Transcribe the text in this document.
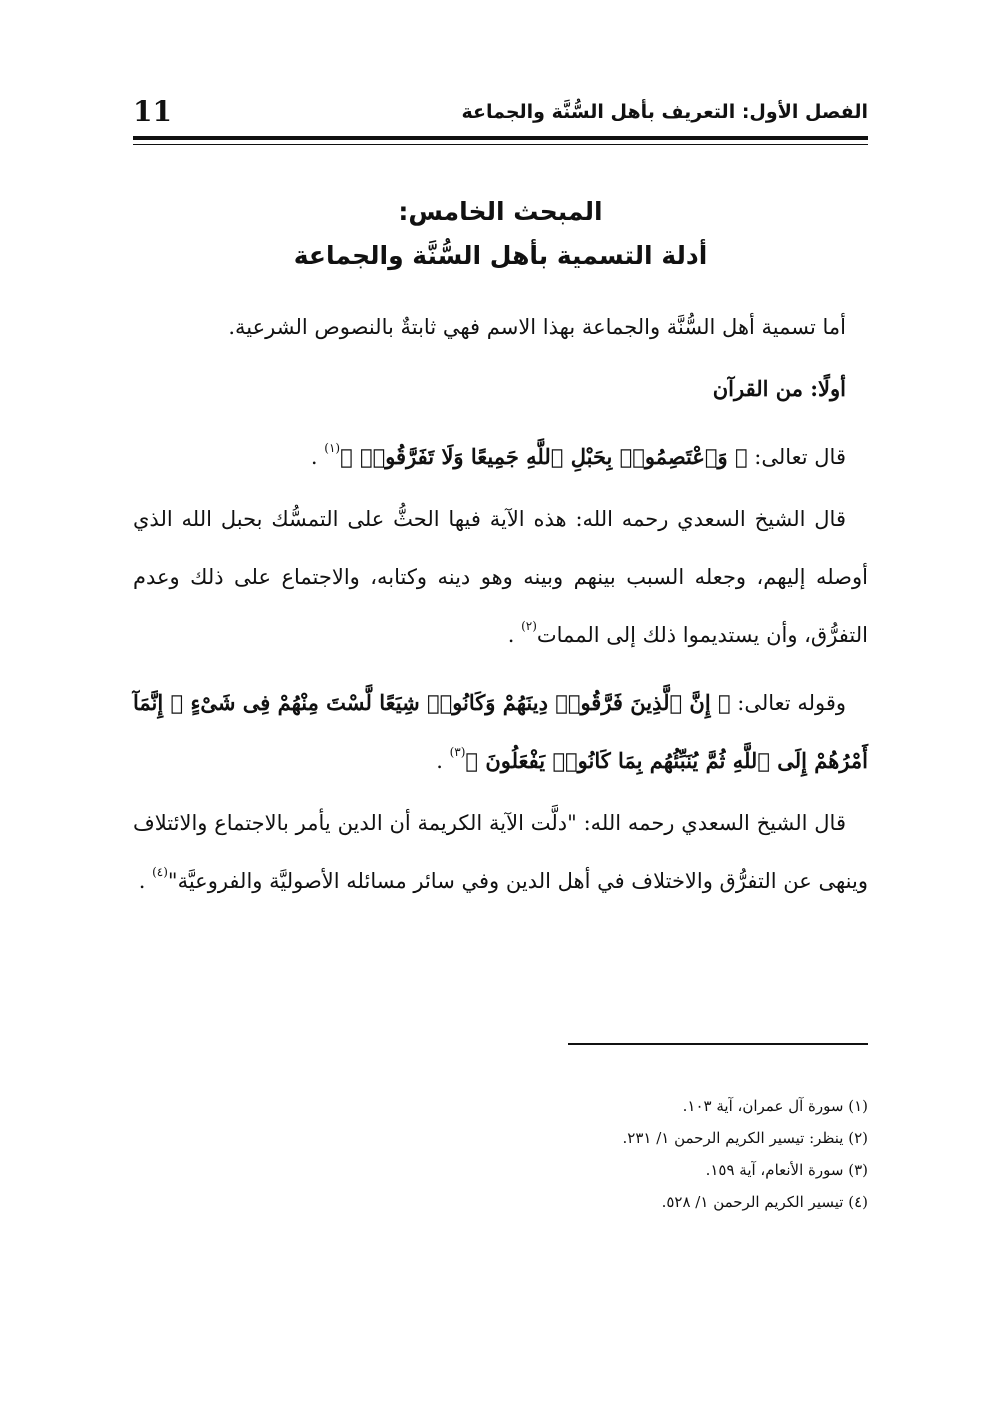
11	الفصل الأول: التعريف بأهل السُّنَّة والجماعة
المبحث الخامس:
أدلة التسمية بأهل السُّنَّة والجماعة

أما تسمية أهل السُّنَّة والجماعة بهذا الاسم فهي ثابتةٌ بالنصوص الشرعية.

أولًا: من القرآن

قال تعالى: ﴿ وَٱعْتَصِمُوا۟ بِحَبْلِ ٱللَّهِ جَمِيعًا وَلَا تَفَرَّقُوا۟ ﴾$^{(١)}$ .

قال الشيخ السعدي رحمه الله: هذه الآية فيها الحثُّ على التمسُّك بحبل الله الذي أوصله إليهم، وجعله السبب بينهم وبينه وهو دينه وكتابه، والاجتماع على ذلك وعدم التفرُّق، وأن يستديموا ذلك إلى الممات$^{(٢)}$ .

وقوله تعالى: ﴿ إِنَّ ٱلَّذِينَ فَرَّقُوا۟ دِينَهُمْ وَكَانُوا۟ شِيَعًا لَّسْتَ مِنْهُمْ فِى شَىْءٍ ۚ إِنَّمَآ أَمْرُهُمْ إِلَى ٱللَّهِ ثُمَّ يُنَبِّئُهُم بِمَا كَانُوا۟ يَفْعَلُونَ ﴾$^{(٣)}$ .

قال الشيخ السعدي رحمه الله: "دلَّت الآية الكريمة أن الدين يأمر بالاجتماع والائتلاف وينهى عن التفرُّق والاختلاف في أهل الدين وفي سائر مسائله الأصوليَّة والفروعيَّة"$^{(٤)}$ .

(١) سورة آل عمران، آية ١٠٣.

(٢) ينظر: تيسير الكريم الرحمن ١/ ٢٣١.

(٣) سورة الأنعام، آية ١٥٩.

(٤) تيسير الكريم الرحمن ١/ ٥٢٨.
